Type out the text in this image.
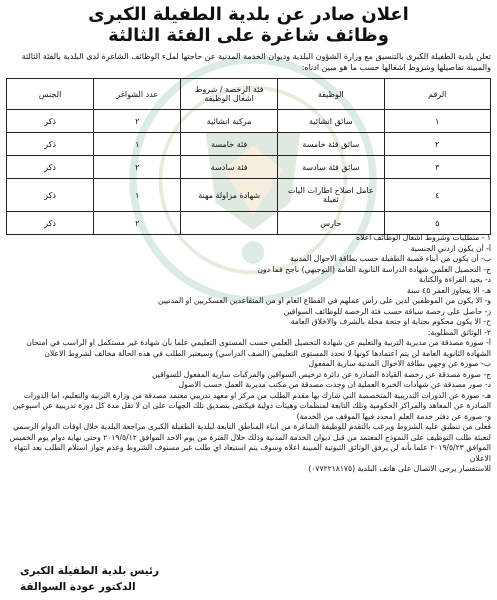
اعلان صادر عن بلدية الطفيلة الكبرى
وظائف شاغرة على الفئة الثالثة
تعلن بلدية الطفيلة الكبرى بالتنسيق مع وزارة الشؤون البلدية وديوان الخدمة المدنية عن حاجتها لملء الوظائف الشاغرة لدى البلدية بالفئة الثالثة والمبينة تفاصيلها وشروط اشغالها حسب ما هو مبين ادناه:
الرقم	الوظيفة	فئة الرخصة / شروط اشغال الوظيفة	عدد الشواغر	الجنس
١	سائق انشائية	مركبة انشائية	٢	ذكر
٢	سائق فئة خامسة	فئة خامسة	١	ذكر
٣	سائق فئة سادسة	فئة سادسة	٢	ذكر
٤	عامل اصلاح اطارات اليات ثقيلة	شهادة مزاولة مهنة	١	ذكر
٥	حارس		٢	ذكر
١ - متطلبات وشروط اشغال الوظائف اعلاه
أ- أن يكون اردني الجنسية
ب- أن يكون من أبناء قصبة الطفيلة حسب بطاقة الاحوال المدنية
ج- التحصيل العلمي شهادة الدراسة الثانوية العامة (التوجيهي) ناجح فما دون
د- يجيد القراءة والكتابة
هـ- الا يتجاوز العمر ٤٥ سنة
و- الا يكون من الموظفين لدين على رأس عملهم في القطاع العام او من المتقاعدين العسكريين او المدنيين
ز- حاصل على رخصة سياقة حسب فئة الرخصة للوظائف السواقين
ح- الا يكون محكوم بجناية او جنحة مخلة بالشرف والاخلاق العامة
٢- الوثائق المطلوبة:
أ- صورة مصدقة من مديرية التربية والتعليم عن شهادة التحصيل العلمي حسب المستوى التعليمي علما بأن شهادة غير مستكمل او الراسب في امتحان الشهادة الثانوية العامة لن يتم اعتمادها كونها لا تحدد المستوى التعليمي (الصف الدراسي) وسيعتبر الطلب في هذه الحالة مخالف لشروط الاعلان
ب- صورة عن وجهي بطاقة الاحوال المدنية سارية المفعول
ج- صورة مصدقة عن رخصة القيادة الصادرة عن دائرة ترخيص السواقين والمركبات سارية المفعول للسواقين
د- صور مصدقة عن شهادات الخبرة العملية ان وجدت مصدقة من مكتب مديرية العمل حسب الاصول
هـ- صورة عن الدورات التدريبية المتخصصة التي شارك بها مقدم الطلب من مركز او معهد تدريبي معتمد مصدقة من وزارة التربية والتعليم، اما الدورات الصادرة عن المعاهد والمراكز الحكومية وتلك التابعة لمنظمات وهيئات دولية فيكتفى بتصديق تلك الجهات على ان لا تقل مدة كل دورة تدريبية عن اسبوعين
و- صورة عن دفتر خدمة العلم (محدد فيها الموقف من الخدمة)
فعلى من تنطبق عليه الشروط ويرغب بالتقدم للوظيفة الشاغرة من ابناء المناطق التابعة لبلدية الطفيلة الكبرى مراجعة البلدية خلال اوقات الدوام الرسمي لتعبئة طلب التوظيف على النموذج المعتمد من قبل ديوان الخدمة المدنية وذلك خلال الفترة من يوم الاحد الموافق ٢٠١٩/٥/١٢ وحتى نهاية دوام يوم الخميس الموافق ٢٠١٩/٥/٢٣ علما بأنه لن يرفق الوثائق الثبوتية المبينة اعلاه وسوف يتم استبعاد اي طلب غير مستوف الشروط وعدم جواز استلام الطلب بعد انتهاء الاعلان
للاستفسار يرجى الاتصال على هاتف البلدية (٠٧٧٢٢١٨١٧٥)
رئيس بلدية الطفيلة الكبرى
الدكتور عودة السوالقة
